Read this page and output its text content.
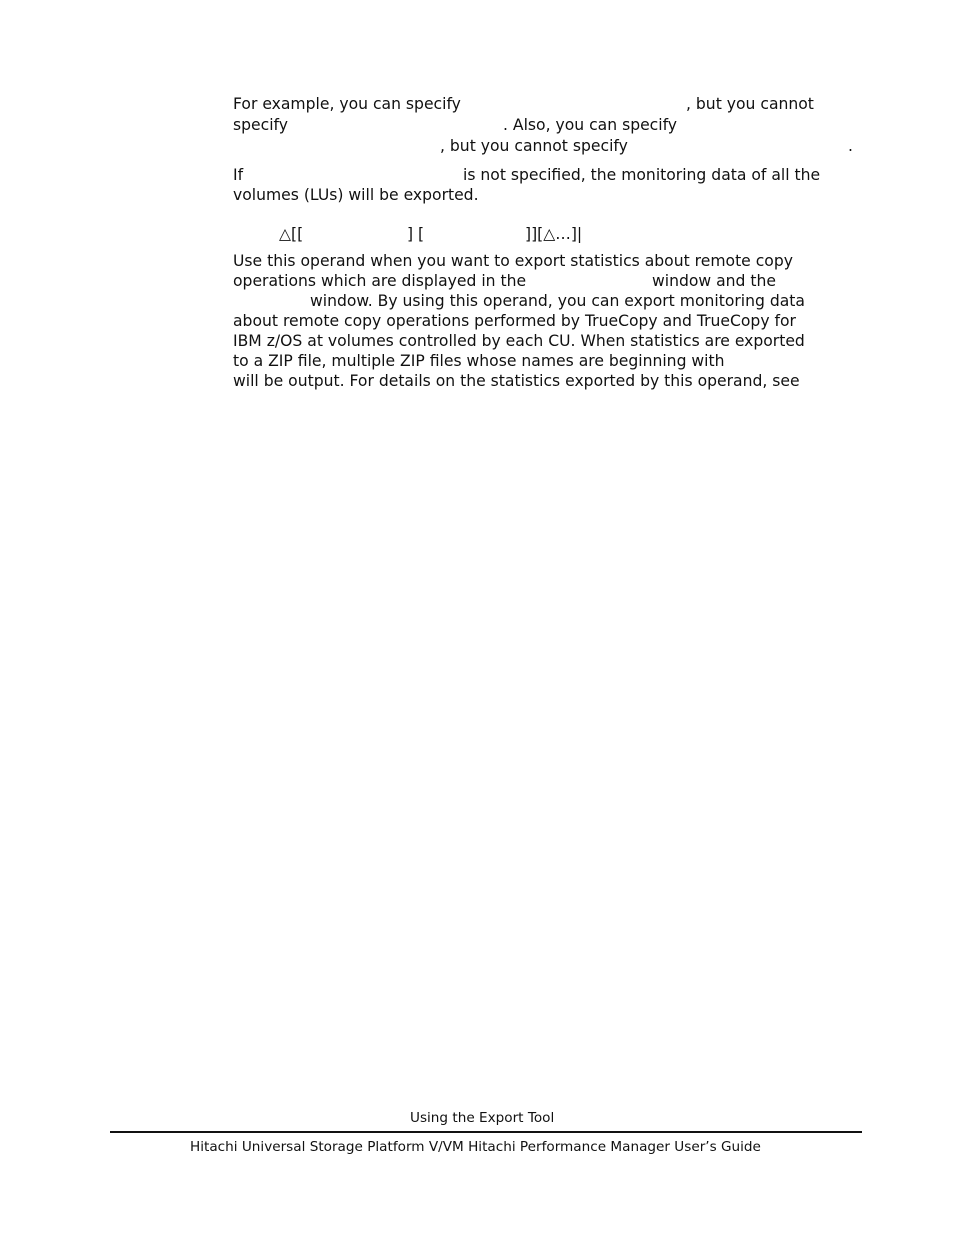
For example, you can specify	, but you cannot
specify	. Also, you can specify
, but you cannot specify	.
If	is not specified, the monitoring data of all the
volumes (LUs) will be exported.
△[[	] [	]][△…]|
Use this operand when you want to export statistics about remote copy
operations which are displayed in the	window and the
window. By using this operand, you can export monitoring data
about remote copy operations performed by TrueCopy and TrueCopy for
IBM z/OS at volumes controlled by each CU. When statistics are exported
to a ZIP file, multiple ZIP files whose names are beginning with
will be output. For details on the statistics exported by this operand, see
Using the Export Tool
Hitachi Universal Storage Platform V/VM Hitachi Performance Manager User’s Guide
